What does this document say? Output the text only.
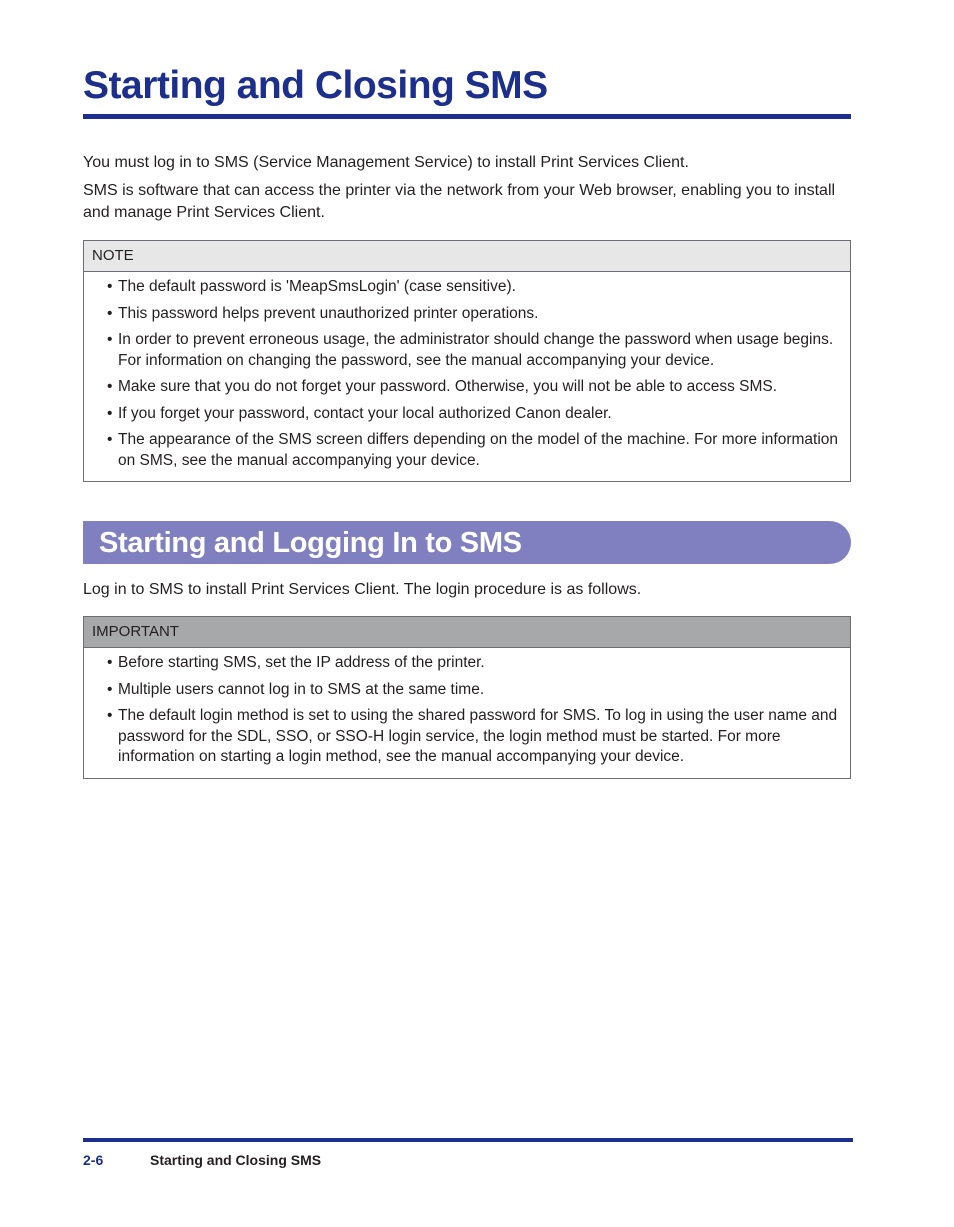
Starting and Closing SMS

You must log in to SMS (Service Management Service) to install Print Services Client.

SMS is software that can access the printer via the network from your Web browser, enabling you to install and manage Print Services Client.

NOTE
• The default password is 'MeapSmsLogin' (case sensitive).
• This password helps prevent unauthorized printer operations.
• In order to prevent erroneous usage, the administrator should change the password when usage begins. For information on changing the password, see the manual accompanying your device.
• Make sure that you do not forget your password. Otherwise, you will not be able to access SMS.
• If you forget your password, contact your local authorized Canon dealer.
• The appearance of the SMS screen differs depending on the model of the machine. For more information on SMS, see the manual accompanying your device.
Starting and Logging In to SMS

Log in to SMS to install Print Services Client. The login procedure is as follows.

IMPORTANT
• Before starting SMS, set the IP address of the printer.
• Multiple users cannot log in to SMS at the same time.
• The default login method is set to using the shared password for SMS. To log in using the user name and password for the SDL, SSO, or SSO-H login service, the login method must be started. For more information on starting a login method, see the manual accompanying your device.
2-6	Starting and Closing SMS
